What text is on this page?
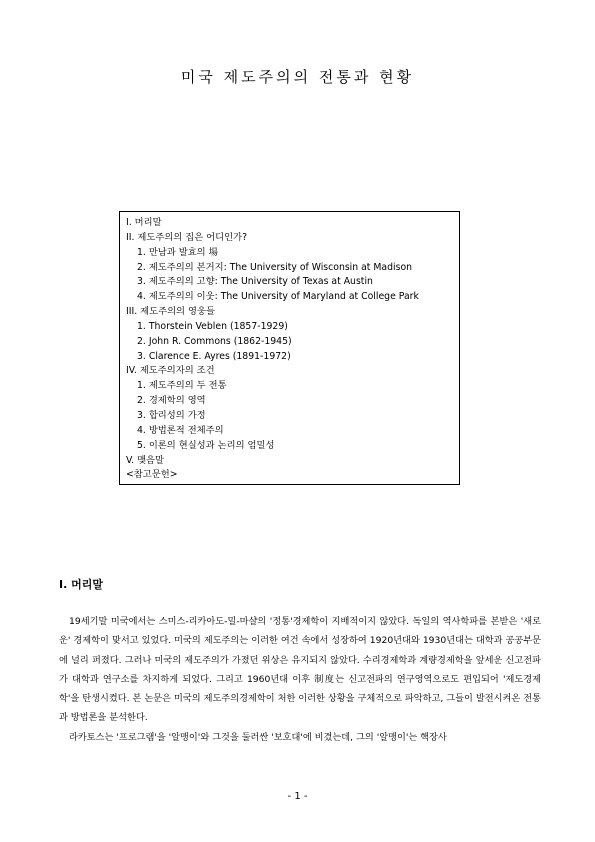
미국 제도주의의 전통과 현황
I. 머리말
II. 제도주의의 집은 어디인가?
1. 만남과 발효의 場
2. 제도주의의 본거지: The University of Wisconsin at Madison
3. 제도주의의 고향: The University of Texas at Austin
4. 제도주의의 이웃: The University of Maryland at College Park
III. 제도주의의 영웅들
1. Thorstein Veblen (1857-1929)
2. John R. Commons (1862-1945)
3. Clarence E. Ayres (1891-1972)
IV. 제도주의자의 조건
1. 제도주의의 두 전통
2. 경제학의 영역
3. 합리성의 가정
4. 방법론적 전체주의
5. 이론의 현실성과 논리의 엄밀성
V. 맺음말
<참고문헌>
I. 머리말

19세기말 미국에서는 스미스-리카아도-밀-마샬의 '정통'경제학이 지배적이지 않았다. 독일의 역사학파를 본받은 '새로운' 경제학이 맞서고 있었다. 미국의 제도주의는 이러한 여건 속에서 성장하여 1920년대와 1930년대는 대학과 공공부문에 널리 퍼졌다. 그러나 미국의 제도주의가 가졌던 위상은 유지되지 않았다. 수리경제학과 계량경제학을 앞세운 신고전파가 대학과 연구소를 차지하게 되었다. 그리고 1960년대 이후 制度는 신고전파의 연구영역으로도 편입되어 '제도경제학'을 탄생시켰다. 본 논문은 미국의 제도주의경제학이 처한 이러한 상황을 구체적으로 파악하고, 그들이 발전시켜온 전통과 방법론을 분석한다.

라카토스는 '프로그램'을 '알맹이'와 그것을 둘러싼 '보호대'에 비겼는데, 그의 '알맹이'는 핵장사

- 1 -
